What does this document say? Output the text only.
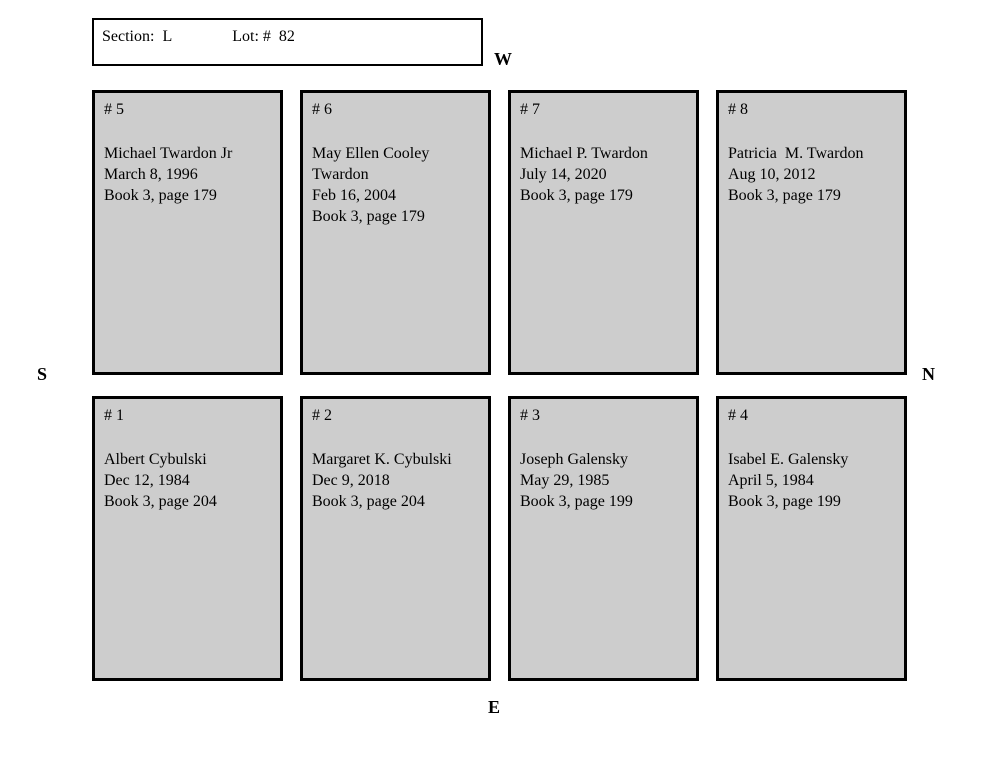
Section:  L	Lot: #  82
W
S	N
E
# 5
Michael Twardon Jr
March 8, 1996
Book 3, page 179
# 6
May Ellen Cooley Twardon
Feb 16, 2004
Book 3, page 179
# 7
Michael P. Twardon
July 14, 2020
Book 3, page 179
# 8
Patricia  M. Twardon
Aug 10, 2012
Book 3, page 179
# 1
Albert Cybulski
Dec 12, 1984
Book 3, page 204
# 2
Margaret K. Cybulski
Dec 9, 2018
Book 3, page 204
# 3
Joseph Galensky
May 29, 1985
Book 3, page 199
# 4
Isabel E. Galensky
April 5, 1984
Book 3, page 199
